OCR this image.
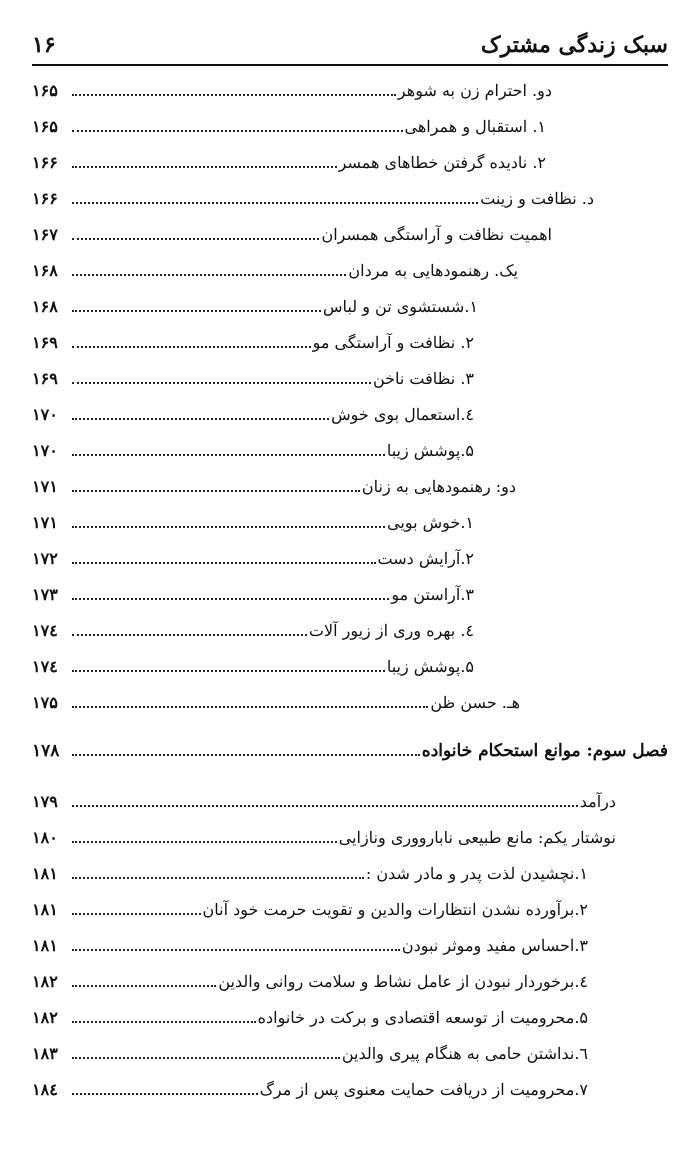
سبک زندگی مشترک
۱۶
دو. احترام زن به شوهر
۱۶۵
۱. استقبال و همراهی
۱۶۵
۲. نادیده گرفتن خطاهای همسر
۱۶۶
د. نظافت و زینت
۱۶۶
اهمیت نظافت و آراستگی همسران
۱۶۷
یک. رهنمودهایی به مردان
۱۶۸
۱.شستشوی تن و لباس
۱۶۸
۲. نظافت و آراستگی مو
۱۶۹
۳. نظافت ناخن
۱۶۹
٤.استعمال بوی خوش
۱۷۰
۵.پوشش زیبا
۱۷۰
دو: رهنمودهایی به زنان
۱۷۱
۱.خوش بویی
۱۷۱
۲.آرایش دست
۱۷۲
۳.آراستن مو
۱۷۳
٤. بهره وری از زیور آلات
۱۷٤
۵.پوشش زیبا
۱۷٤
هـ. حسن ظن
۱۷۵
فصل سوم: موانع استحکام خانواده
۱۷۸
درآمد
۱۷۹
نوشتار یکم: مانع طبیعی نابارووری ونازایی
۱۸۰
۱.نچشیدن لذت پدر و مادر شدن :
۱۸۱
۲.برآورده نشدن انتظارات والدین و تقویت حرمت خود آنان
۱۸۱
۳.احساس مفید وموثر نبودن
۱۸۱
٤.برخوردار نبودن از عامل نشاط و سلامت روانی والدین
۱۸۲
۵.محرومیت از توسعه اقتصادی و برکت در خانواده
۱۸۲
٦.نداشتن حامی به هنگام پیری والدین
۱۸۳
۷.محرومیت از دریافت حمایت معنوی پس از مرگ
۱۸٤
